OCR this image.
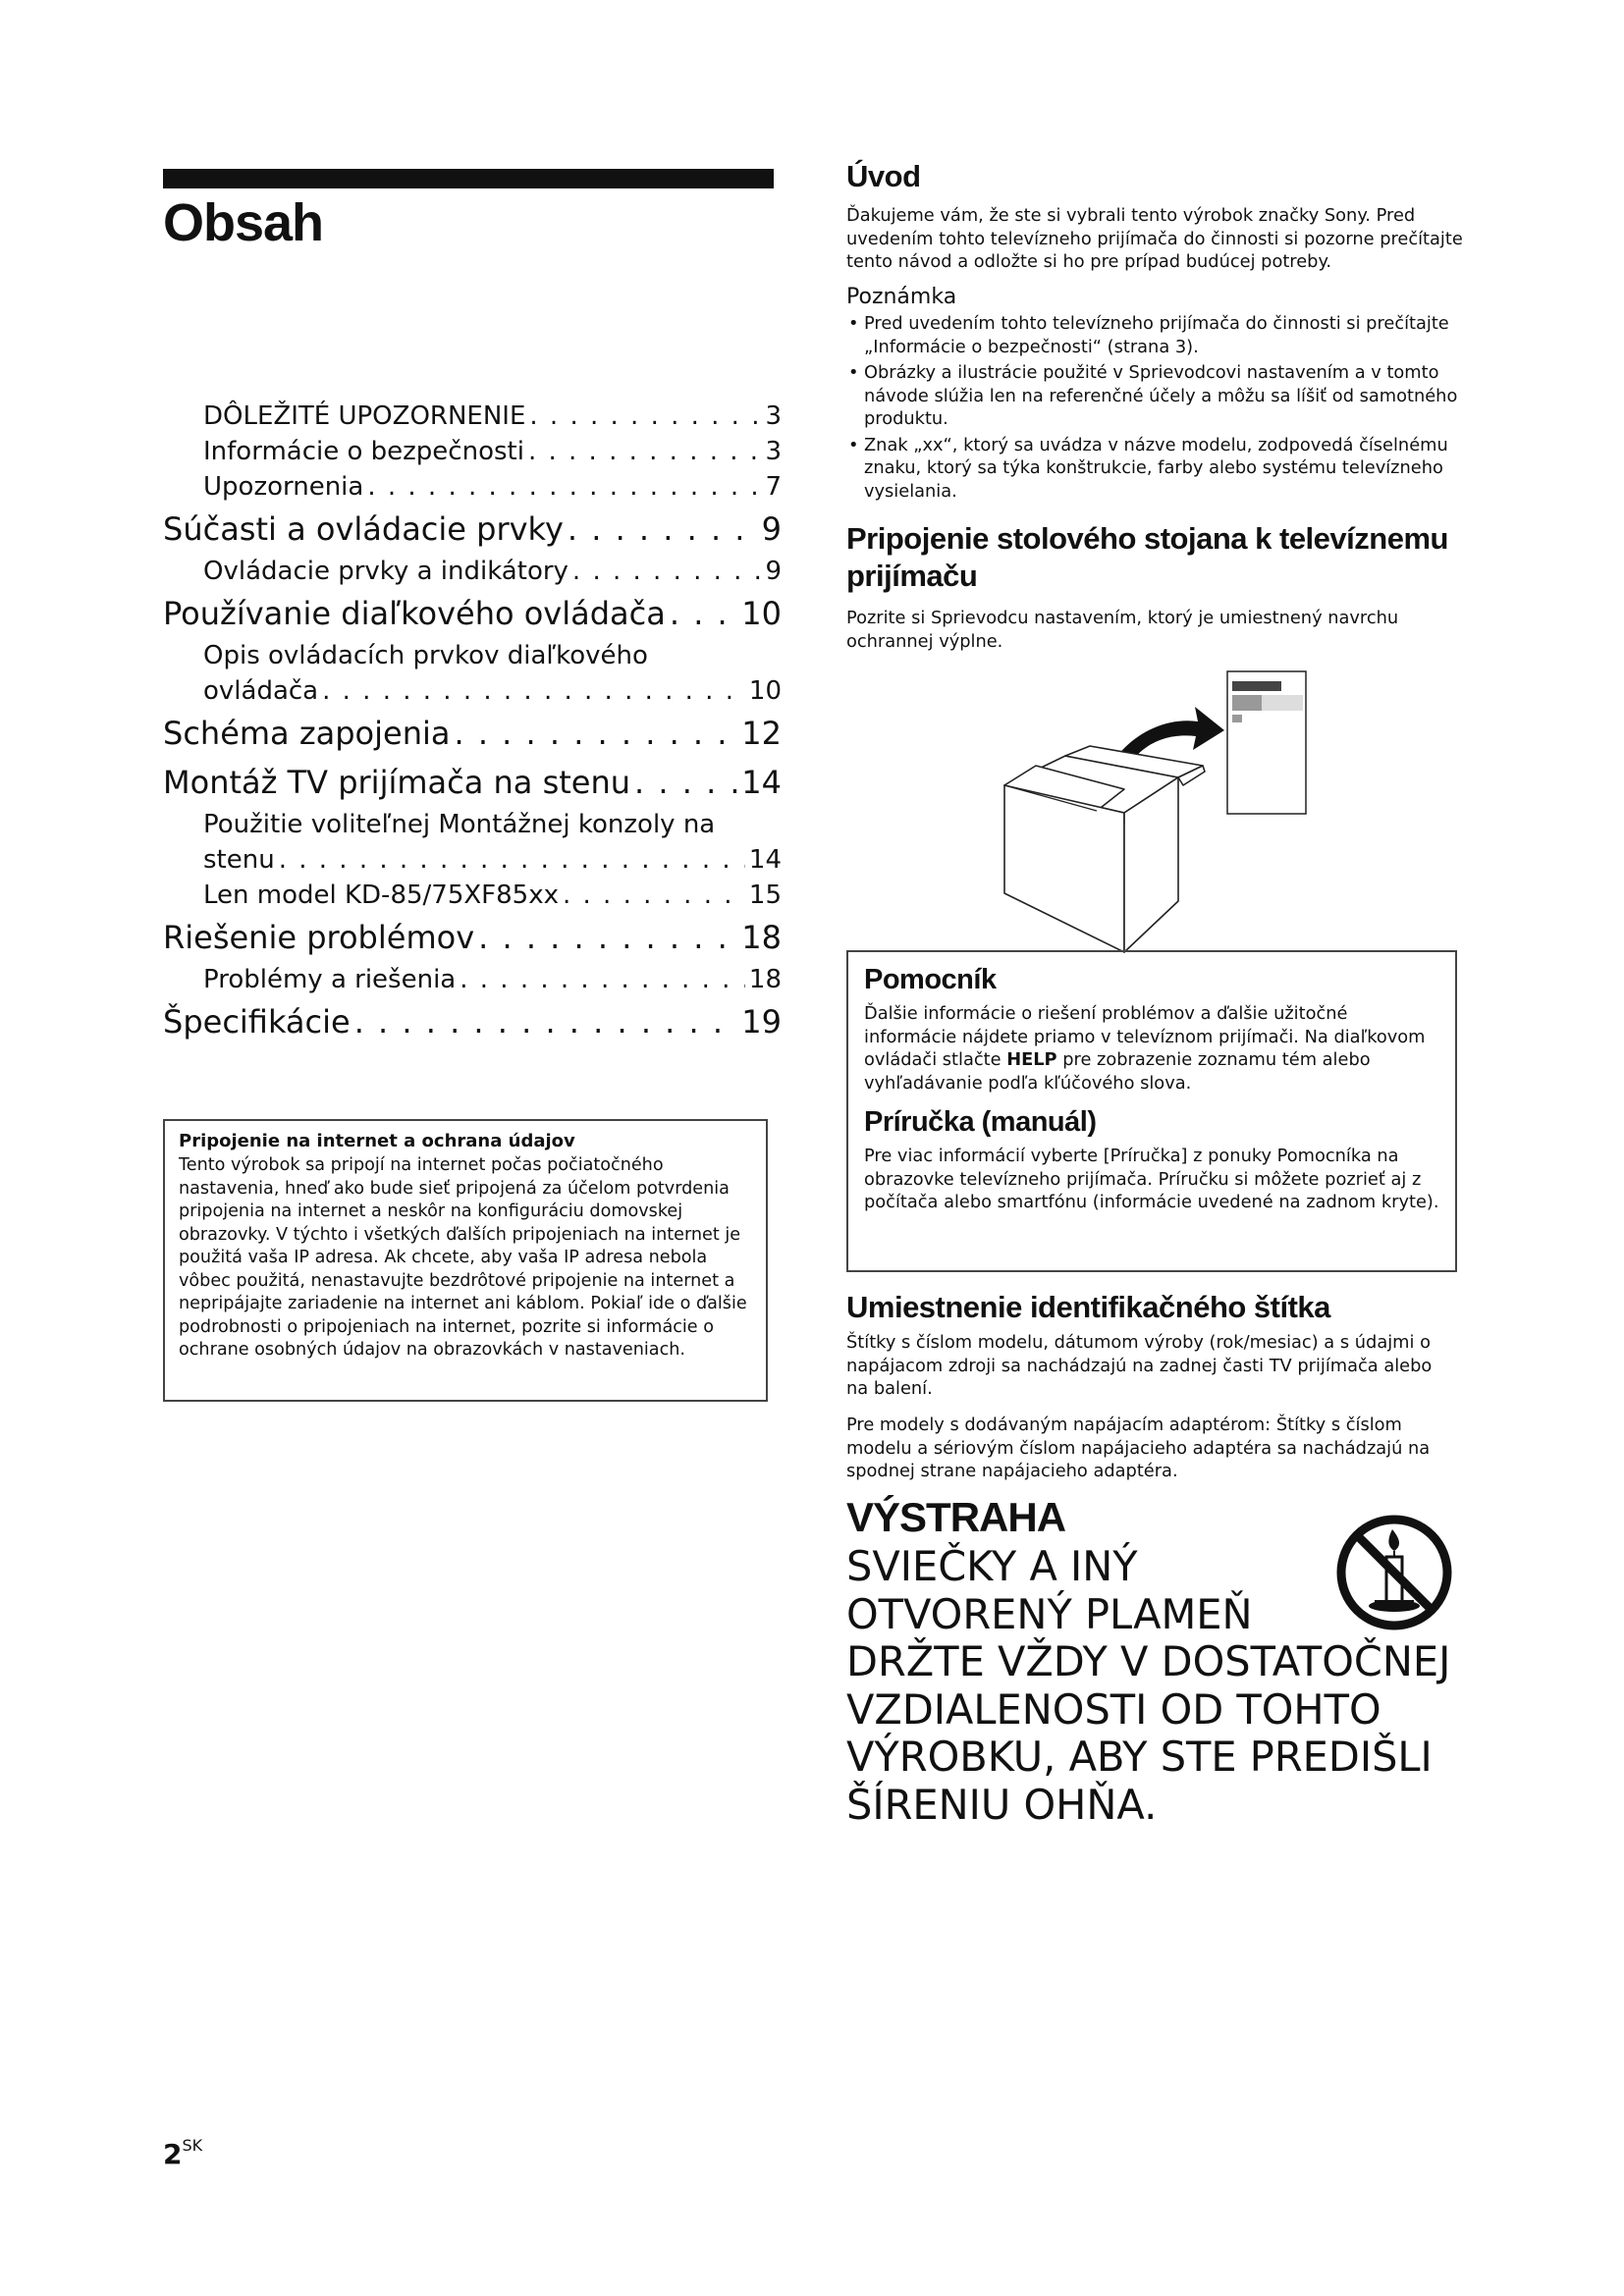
Obsah
DÔLEŽITÉ UPOZORNENIE . . .	3
Informácie o bezpečnosti . . .	3
Upozornenia . . .	7
Súčasti a ovládacie prvky . . .	9
Ovládacie prvky a indikátory . . .	9
Používanie diaľkového ovládača . . . 10
Opis ovládacích prvkov diaľkového
ovládača . . .	10
Schéma zapojenia . . .	12
Montáž TV prijímača na stenu . . .	14
Použitie voliteľnej Montážnej konzoly na
stenu . . .	14
Len model KD-85/75XF85xx . . .	15
Riešenie problémov . . .	18
Problémy a riešenia . . .	18
Špecifikácie . . .	19
Pripojenie na internet a ochrana údajov
Tento výrobok sa pripojí na internet počas počiatočného nastavenia, hneď ako bude sieť pripojená za účelom potvrdenia pripojenia na internet a neskôr na konfiguráciu domovskej obrazovky. V týchto i všetkých ďalších pripojeniach na internet je použitá vaša IP adresa. Ak chcete, aby vaša IP adresa nebola vôbec použitá, nenastavujte bezdrôtové pripojenie na internet a nepripájajte zariadenie na internet ani káblom. Pokiaľ ide o ďalšie podrobnosti o pripojeniach na internet, pozrite si informácie o ochrane osobných údajov na obrazovkách v nastaveniach.
$2^{SK}$
Úvod
Ďakujeme vám, že ste si vybrali tento výrobok značky Sony. Pred uvedením tohto televízneho prijímača do činnosti si pozorne prečítajte tento návod a odložte si ho pre prípad budúcej potreby.
Poznámka
• Pred uvedením tohto televízneho prijímača do činnosti si prečítajte „Informácie o bezpečnosti“ (strana 3).
• Obrázky a ilustrácie použité v Sprievodcovi nastavením a v tomto návode slúžia len na referenčné účely a môžu sa líšiť od samotného produktu.
• Znak „xx“, ktorý sa uvádza v názve modelu, zodpovedá číselnému znaku, ktorý sa týka konštrukcie, farby alebo systému televízneho vysielania.
Pripojenie stolového stojana k televíznemu prijímaču
Pozrite si Sprievodcu nastavením, ktorý je umiestnený navrchu ochrannej výplne.
Pomocník
Ďalšie informácie o riešení problémov a ďalšie užitočné informácie nájdete priamo v televíznom prijímači. Na diaľkovom ovládači stlačte HELP pre zobrazenie zoznamu tém alebo vyhľadávanie podľa kľúčového slova.
Príručka (manuál)
Pre viac informácií vyberte [Príručka] z ponuky Pomocníka na obrazovke televízneho prijímača. Príručku si môžete pozrieť aj z počítača alebo smartfónu (informácie uvedené na zadnom kryte).
Umiestnenie identifikačného štítka
Štítky s číslom modelu, dátumom výroby (rok/mesiac) a s údajmi o napájacom zdroji sa nachádzajú na zadnej časti TV prijímača alebo na balení.
Pre modely s dodávaným napájacím adaptérom: Štítky s číslom modelu a sériovým číslom napájacieho adaptéra sa nachádzajú na spodnej strane napájacieho adaptéra.
VÝSTRAHA
SVIEČKY A INÝ
OTVORENÝ PLAMEŇ
DRŽTE VŽDY V DOSTATOČNEJ
VZDIALENOSTI OD TOHTO
VÝROBKU, ABY STE PREDIŠLI
ŠÍRENIU OHŇA.
